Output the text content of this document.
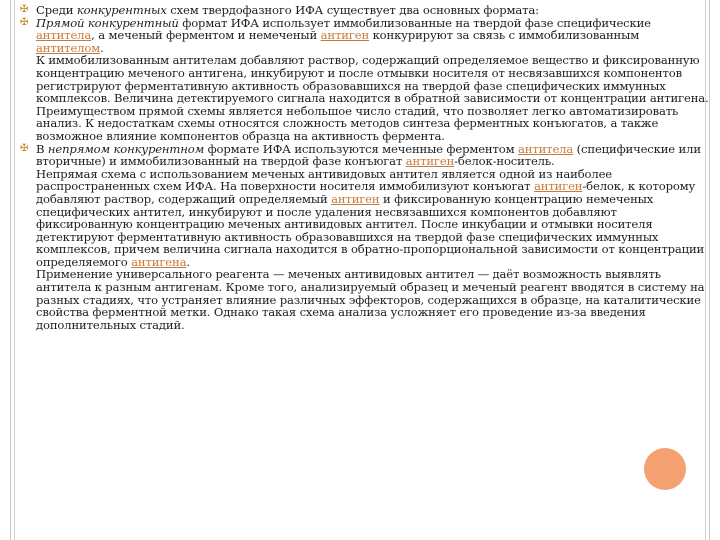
✠ Среди конкурентных схем твердофазного ИФА существует два основных формата:

✠ Прямой конкурентный формат ИФА использует иммобилизованные на твердой фазе специфические антитела, а меченый ферментом и немеченый антиген конкурируют за связь с иммобилизованным антителом.

К иммобилизованным антителам добавляют раствор, содержащий определяемое вещество и фиксированную концентрацию меченого антигена, инкубируют и после отмывки носителя от несвязавшихся компонентов регистрируют ферментативную активность образовавшихся на твердой фазе специфических иммунных комплексов. Величина детектируемого сигнала находится в обратной зависимости от концентрации антигена.

Преимуществом прямой схемы является небольшое число стадий, что позволяет легко автоматизировать анализ. К недостаткам схемы относятся сложность методов синтеза ферментных конъюгатов, а также возможное влияние компонентов образца на активность фермента.

✠ В непрямом конкурентном формате ИФА используются меченные ферментом антитела (специфические или вторичные) и иммобилизованный на твердой фазе конъюгат антиген-белок-носитель.

Непрямая схема с использованием меченых антивидовых антител является одной из наиболее распространенных схем ИФА. На поверхности носителя иммобилизуют конъюгат антиген-белок, к которому добавляют раствор, содержащий определяемый антиген и фиксированную концентрацию немеченых специфических антител, инкубируют и после удаления несвязавшихся компонентов добавляют фиксированную концентрацию меченых антивидовых антител. После инкубации и отмывки носителя детектируют ферментативную активность образовавшихся на твердой фазе специфических иммунных комплексов, причем величина сигнала находится в обратно-пропорциональной зависимости от концентрации определяемого антигена.

Применение универсального реагента — меченых антивидовых антител — даёт возможность выявлять антитела к разным антигенам. Кроме того, анализируемый образец и меченый реагент вводятся в систему на разных стадиях, что устраняет влияние различных эффекторов, содержащихся в образце, на каталитические свойства ферментной метки. Однако такая схема анализа усложняет его проведение из-за введения дополнительных стадий.
